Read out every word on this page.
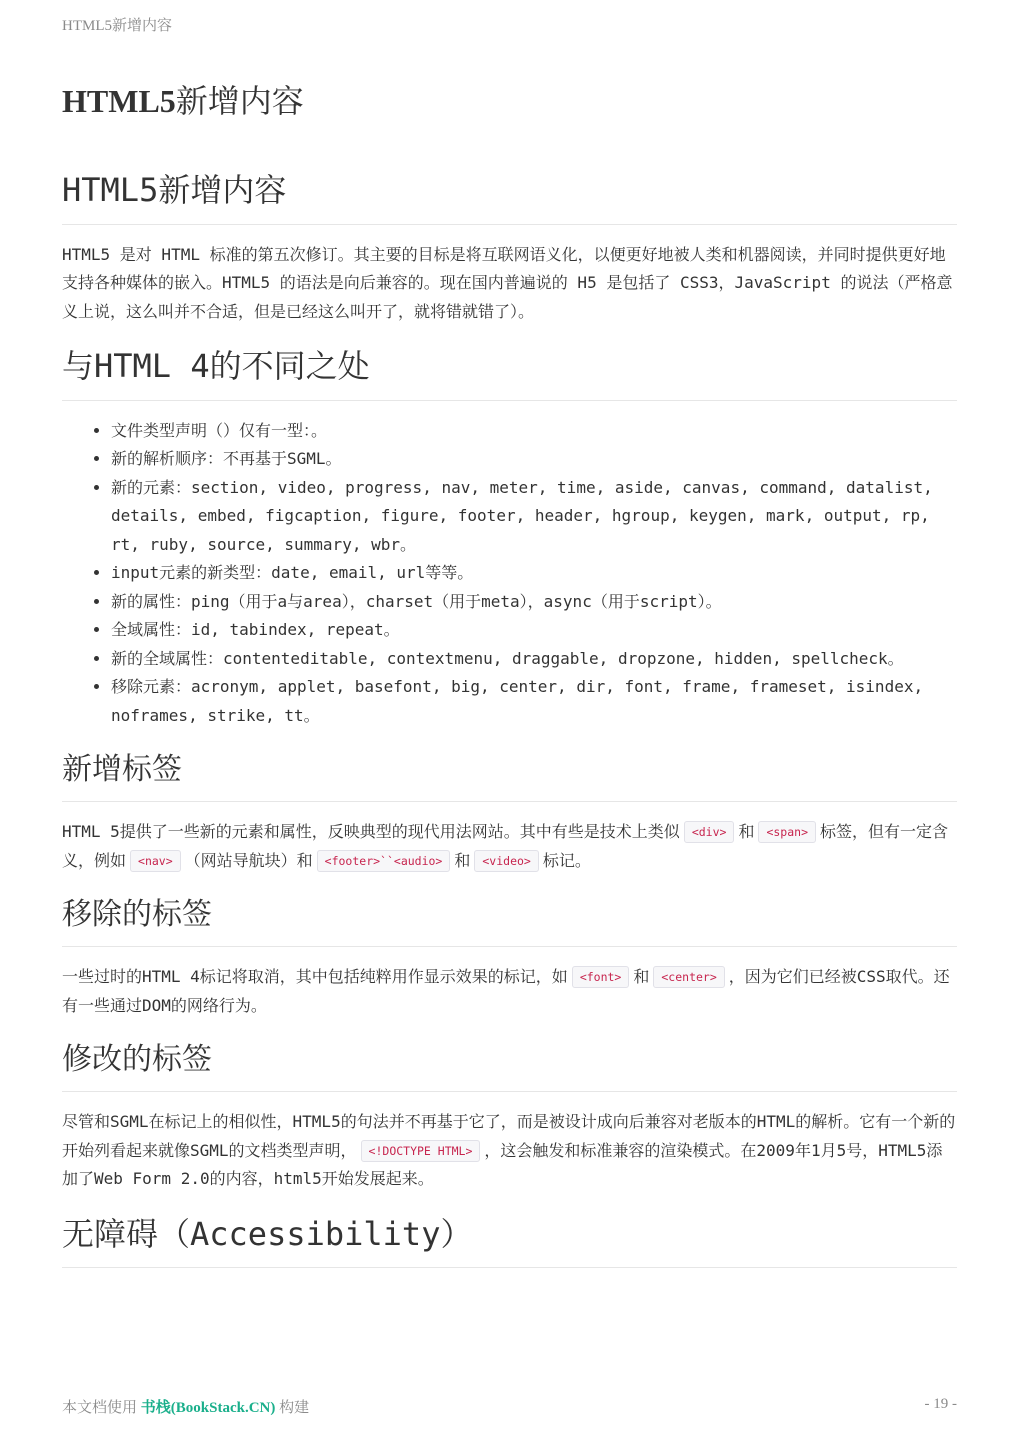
HTML5新增内容
HTML5新增内容
HTML5新增内容

HTML5 是对 HTML 标准的第五次修订。其主要的目标是将互联网语义化，以便更好地被人类和机器阅读，并同时提供更好地支持各种媒体的嵌入。HTML5 的语法是向后兼容的。现在国内普遍说的 H5 是包括了 CSS3，JavaScript 的说法（严格意义上说，这么叫并不合适，但是已经这么叫开了，就将错就错了）。

与HTML 4的不同之处
• 文件类型声明（）仅有一型：。
• 新的解析顺序：不再基于SGML。
• 新的元素：section, video, progress, nav, meter, time, aside, canvas, command, datalist, details, embed, figcaption, figure, footer, header, hgroup, keygen, mark, output, rp, rt, ruby, source, summary, wbr。
• input元素的新类型：date, email, url等等。
• 新的属性：ping（用于a与area），charset（用于meta），async（用于script）。
• 全域属性：id, tabindex, repeat。
• 新的全域属性：contenteditable, contextmenu, draggable, dropzone, hidden, spellcheck。
• 移除元素：acronym, applet, basefont, big, center, dir, font, frame, frameset, isindex, noframes, strike, tt。
新增标签

HTML 5提供了一些新的元素和属性，反映典型的现代用法网站。其中有些是技术上类似 <div> 和 <span> 标签，但有一定含义，例如 <nav> （网站导航块）和 <footer>``<audio> 和 <video> 标记。

移除的标签

一些过时的HTML 4标记将取消，其中包括纯粹用作显示效果的标记，如 <font> 和 <center> ，因为它们已经被CSS取代。还有一些通过DOM的网络行为。

修改的标签

尽管和SGML在标记上的相似性，HTML5的句法并不再基于它了，而是被设计成向后兼容对老版本的HTML的解析。它有一个新的开始列看起来就像SGML的文档类型声明， <!DOCTYPE HTML> ，这会触发和标准兼容的渲染模式。在2009年1月5号，HTML5添加了Web Form 2.0的内容，html5开始发展起来。

无障碍（Accessibility）
本文档使用 书栈(BookStack.CN) 构建	- 19 -
